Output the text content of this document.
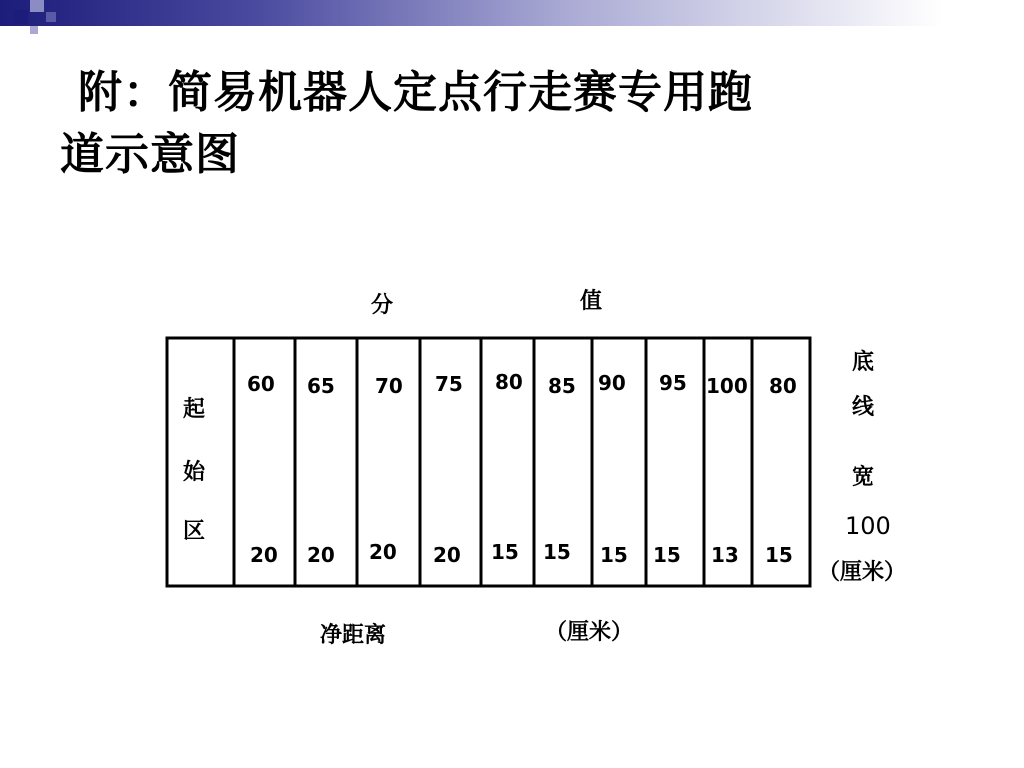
附：简易机器人定点行走赛专用跑
道示意图
分	值
起
始
区
60 65 70 75 80 85 90 95 100 80
20 20 20 20 15 15 15 15 13 15
底
线
宽
100
（厘米）
净距离	（厘米）
